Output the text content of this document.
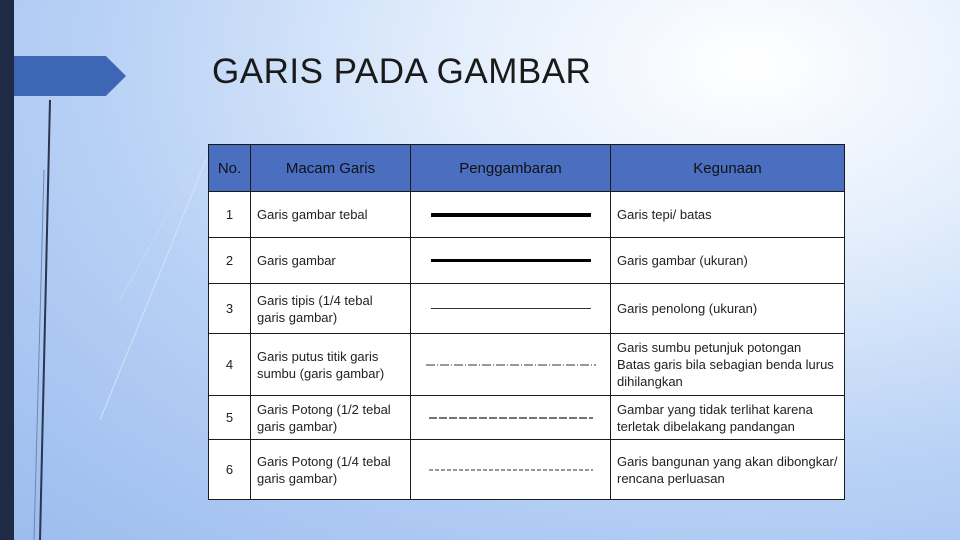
GARIS PADA GAMBAR
No.	Macam Garis	Penggambaran	Kegunaan
1	Garis gambar tebal		Garis tepi/ batas
2	Garis gambar		Garis gambar (ukuran)
3	Garis tipis (1/4 tebal garis gambar)		Garis penolong (ukuran)
4	Garis putus titik garis sumbu (garis gambar)		Garis sumbu petunjuk potongan
Batas garis bila sebagian benda lurus dihilangkan

5	Garis Potong (1/2 tebal garis gambar)		Gambar yang tidak terlihat karena terletak dibelakang pandangan
6	Garis Potong (1/4 tebal garis gambar)		Garis bangunan yang akan dibongkar/ rencana perluasan
